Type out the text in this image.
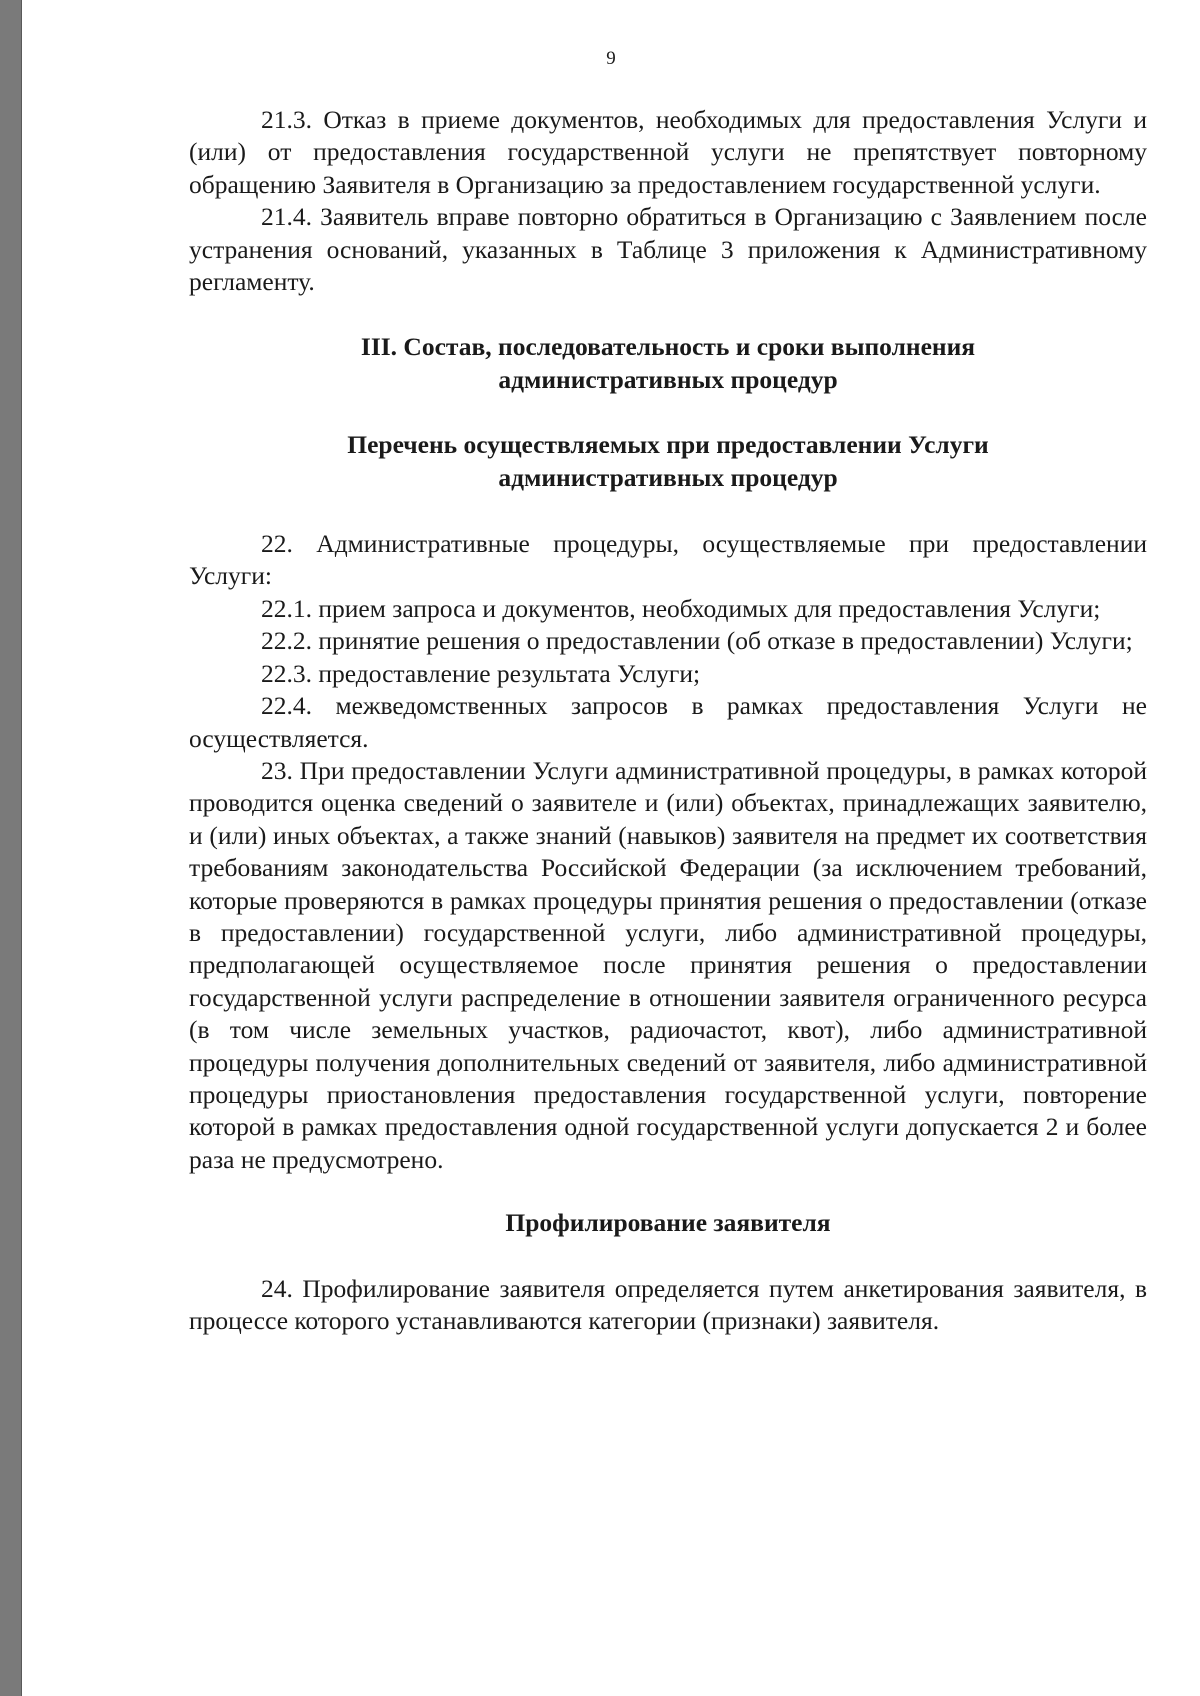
9

21.3. Отказ в приеме документов, необходимых для предоставления Услуги и (или) от предоставления государственной услуги не препятствует повторному обращению Заявителя в Организацию за предоставлением государственной услуги.

21.4. Заявитель вправе повторно обратиться в Организацию с Заявлением после устранения оснований, указанных в Таблице 3 приложения к Административному регламенту.

III. Состав, последовательность и сроки выполнения
административных процедур
Перечень осуществляемых при предоставлении Услуги
административных процедур

22. Административные процедуры, осуществляемые при предоставлении Услуги:

22.1. прием запроса и документов, необходимых для предоставления Услуги;

22.2. принятие решения о предоставлении (об отказе в предоставлении) Услуги;

22.3. предоставление результата Услуги;

22.4. межведомственных запросов в рамках предоставления Услуги не осуществляется.

23. При предоставлении Услуги административной процедуры, в рамках которой проводится оценка сведений о заявителе и (или) объектах, принадлежащих заявителю, и (или) иных объектах, а также знаний (навыков) заявителя на предмет их соответствия требованиям законодательства Российской Федерации (за исключением требований, которые проверяются в рамках процедуры принятия решения о предоставлении (отказе в предоставлении) государственной услуги, либо административной процедуры, предполагающей осуществляемое после принятия решения о предоставлении государственной услуги распределение в отношении заявителя ограниченного ресурса (в том числе земельных участков, радиочастот, квот), либо административной процедуры получения дополнительных сведений от заявителя, либо административной процедуры приостановления предоставления государственной услуги, повторение которой в рамках предоставления одной государственной услуги допускается 2 и более раза не предусмотрено.

Профилирование заявителя

24. Профилирование заявителя определяется путем анкетирования заявителя, в процессе которого устанавливаются категории (признаки) заявителя.
